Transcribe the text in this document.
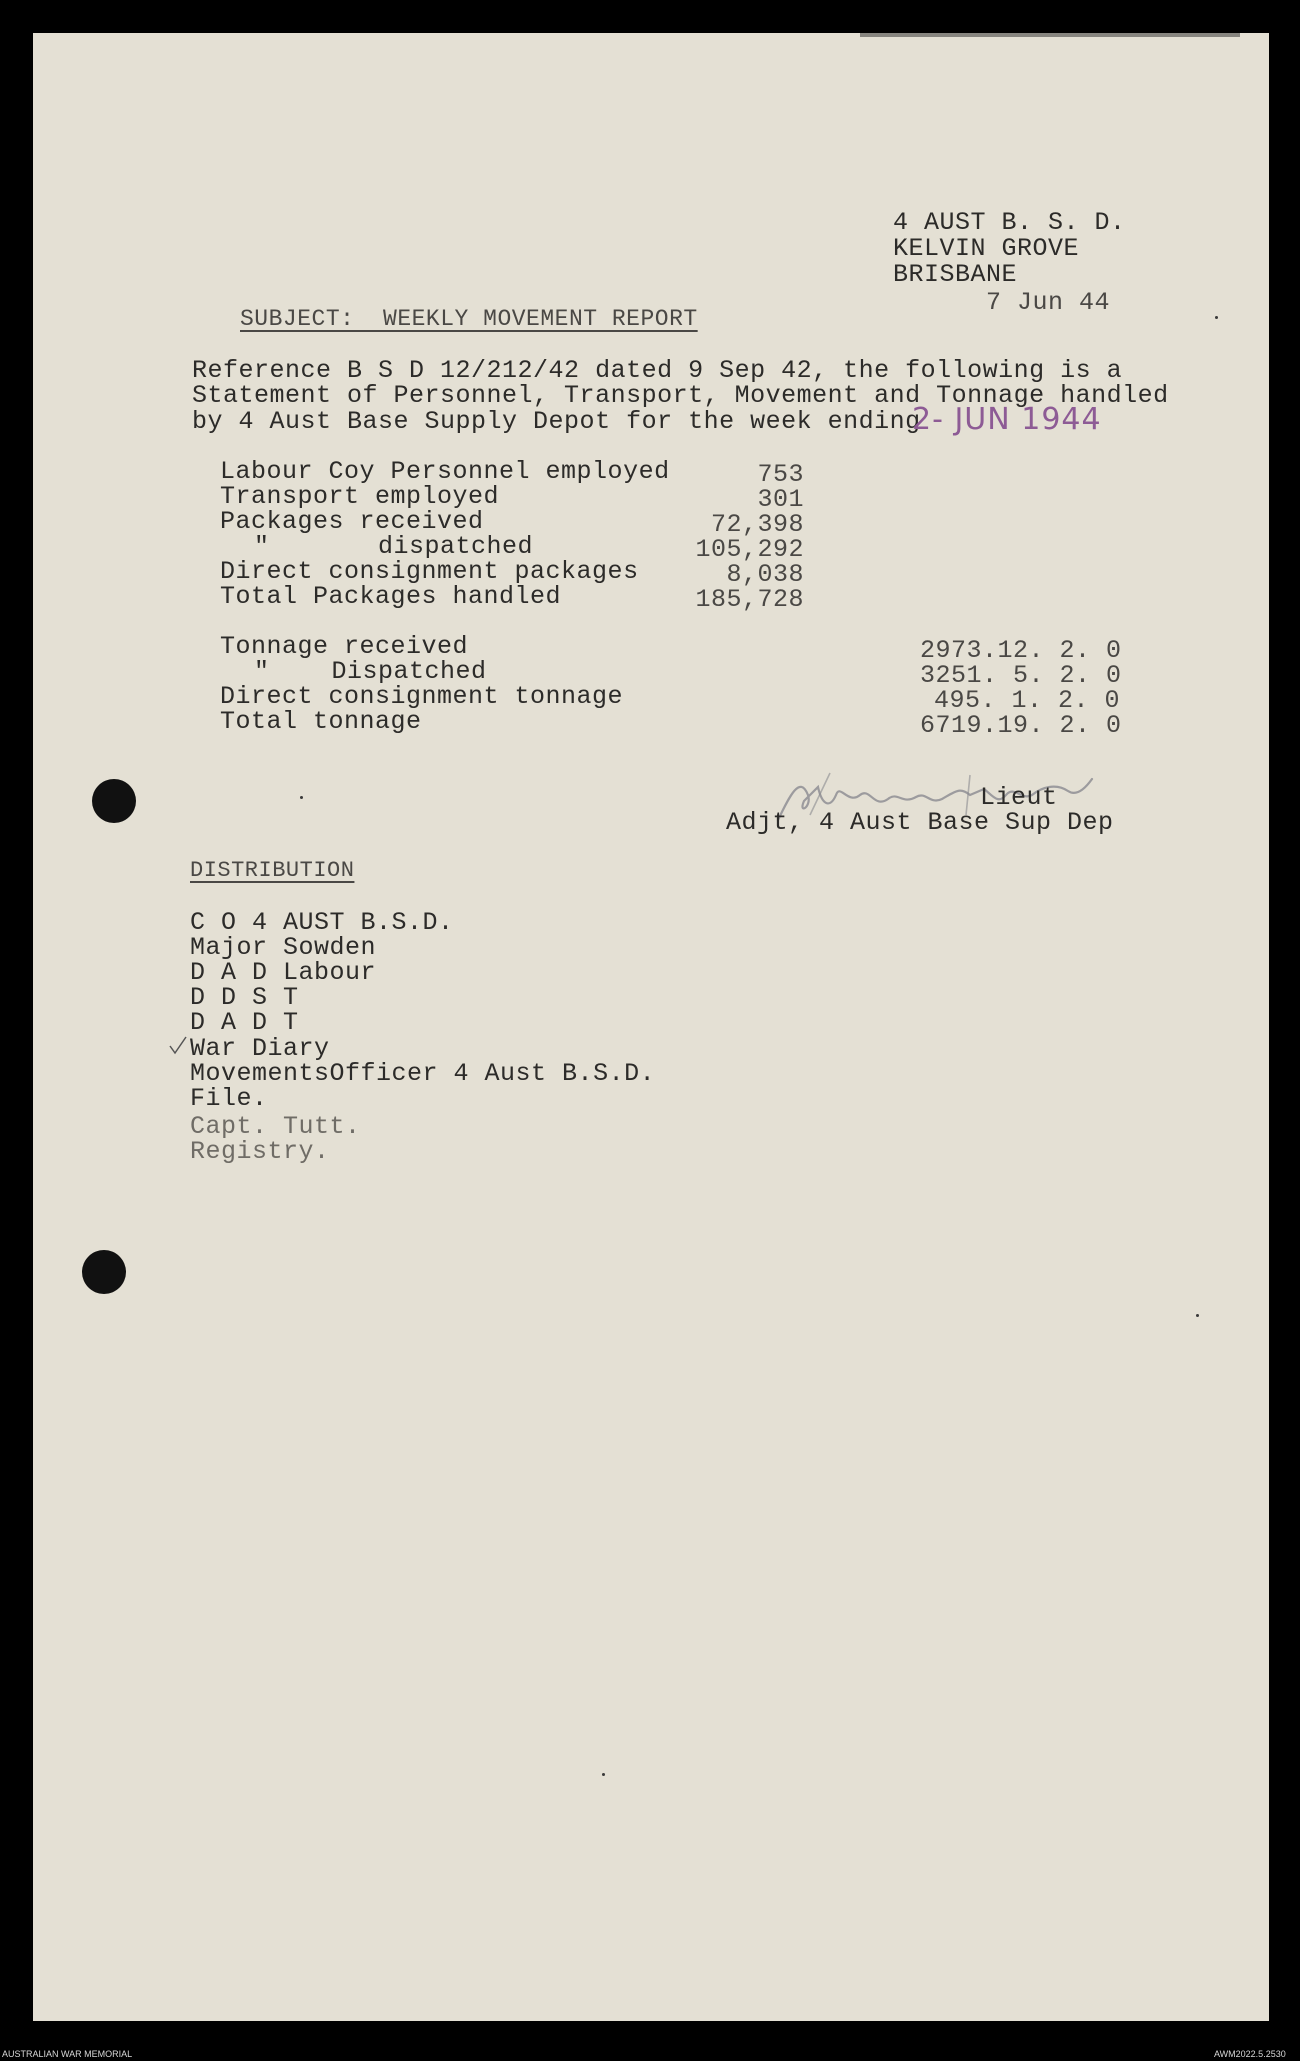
4 AUST B. S. D.
KELVIN GROVE
BRISBANE
7 Jun 44
SUBJECT:  WEEKLY MOVEMENT REPORT
Reference B S D 12/212/42 dated 9 Sep 42, the following is a
Statement of Personnel, Transport, Movement and Tonnage handled
by 4 Aust Base Supply Depot for the week ending
2- JUN 1944
Labour Coy Personnel employed	753
Transport employed	301
Packages received	72,398
"       dispatched	105,292
Direct consignment packages	8,038
Total Packages handled	185,728
Tonnage received	2973.12. 2. 0
"    Dispatched	3251. 5. 2. 0
Direct consignment tonnage	495. 1. 2. 0
Total tonnage	6719.19. 2. 0
Lieut
Adjt, 4 Aust Base Sup Dep
DISTRIBUTION
C O 4 AUST B.S.D.
Major Sowden
D A D Labour
D D S T
D A D T
War Diary
MovementsOfficer 4 Aust B.S.D.
File.
Capt. Tutt.
Registry.
AUSTRALIAN WAR MEMORIAL	AWM2022.5.2530
